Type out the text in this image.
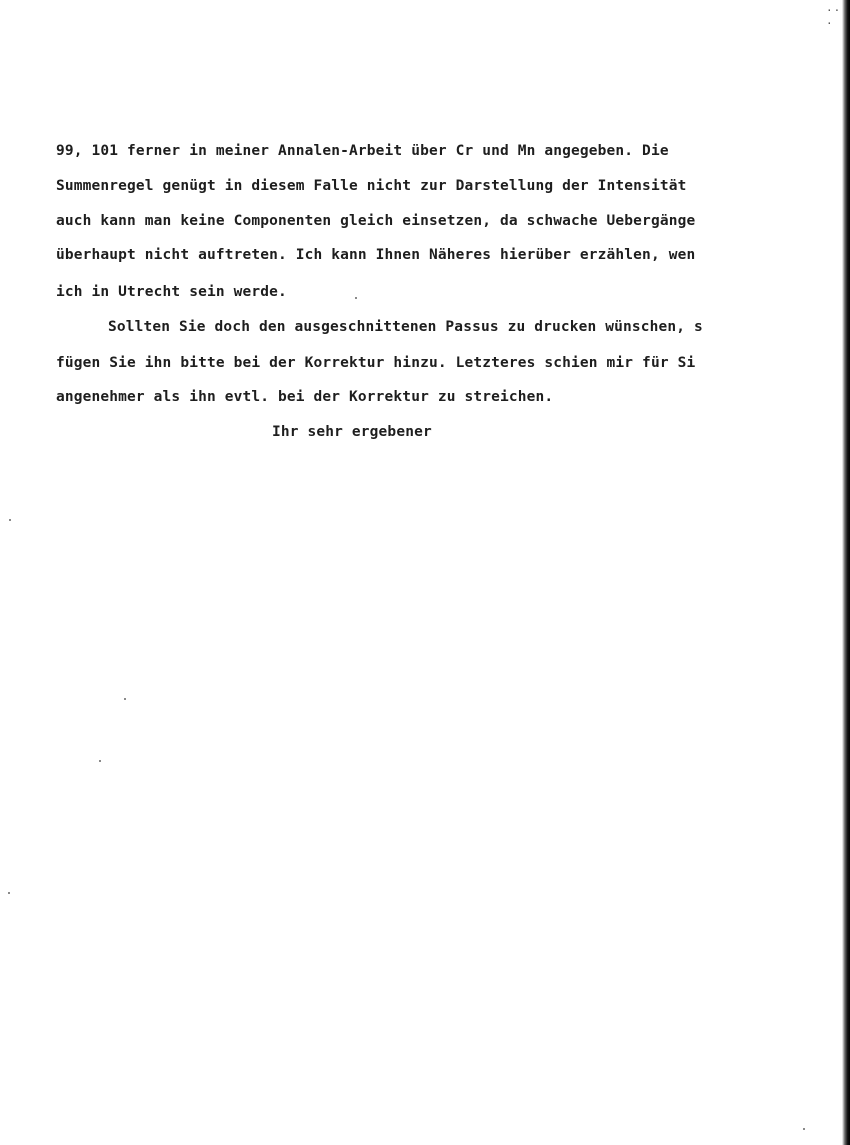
·· ·
99, 101 ferner in meiner Annalen-Arbeit über Cr und Mn angegeben. Die
Summenregel genügt in diesem Falle nicht zur Darstellung der Intensität
auch kann man keine Componenten gleich einsetzen, da schwache Uebergänge
überhaupt nicht auftreten. Ich kann Ihnen Näheres hierüber erzählen, wen
ich in Utrecht sein werde.
Sollten Sie doch den ausgeschnittenen Passus zu drucken wünschen, s
fügen Sie ihn bitte bei der Korrektur hinzu. Letzteres schien mir für Si
angenehmer als ihn evtl. bei der Korrektur zu streichen.
Ihr sehr ergebener
